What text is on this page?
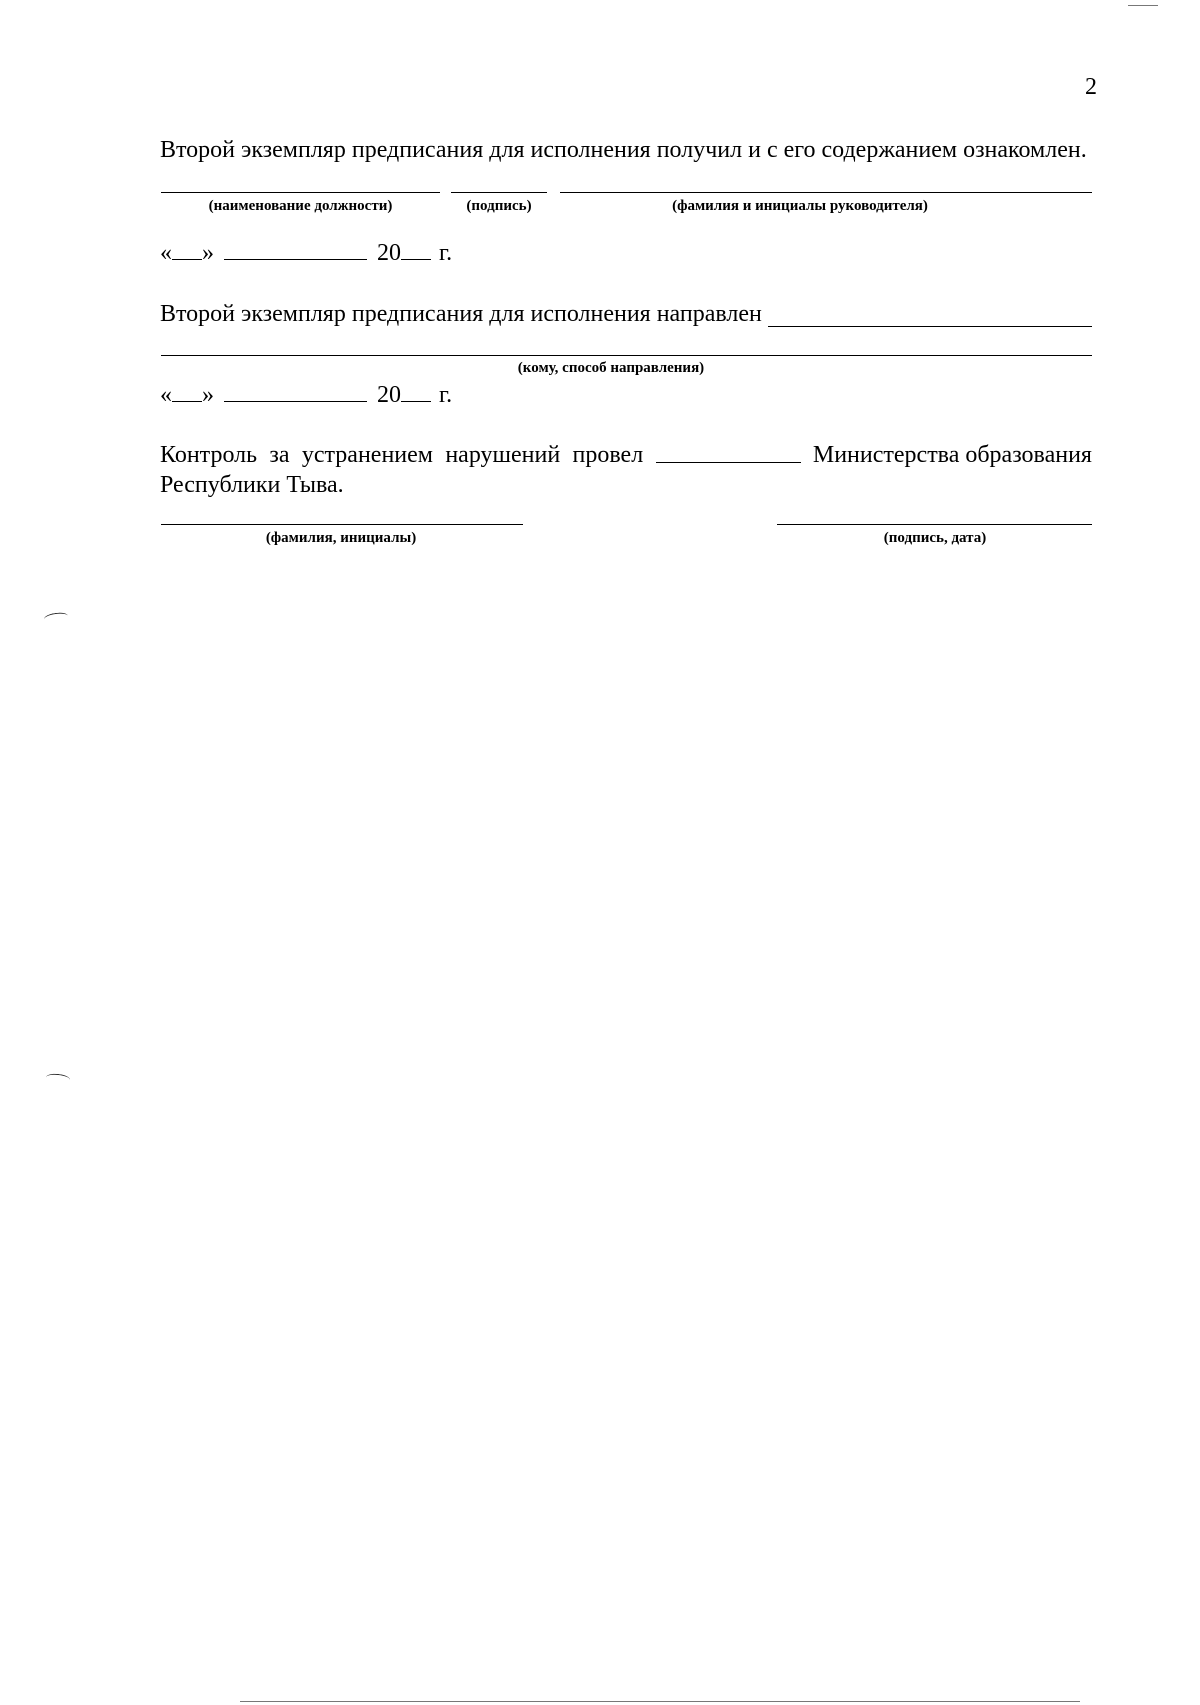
2
Второй экземпляр предписания для исполнения получил и с его содержанием ознакомлен.
(наименование должности)	(подпись)	(фамилия и инициалы руководителя)
« »	20 г.
Второй экземпляр предписания для исполнения направлен
(кому, способ направления)
« »	20 г.
Контроль за устранением нарушений провел	Министерства образования
Республики Тыва.
(фамилия, инициалы)	(подпись, дата)
